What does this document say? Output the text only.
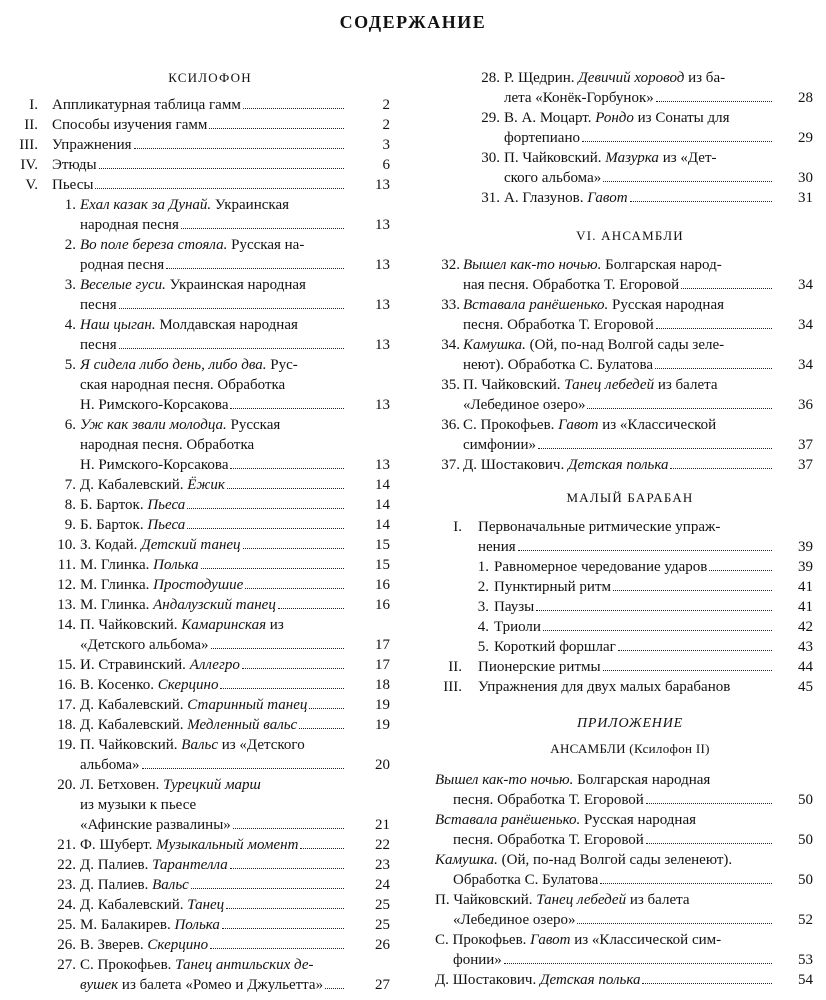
СОДЕРЖАНИЕ
КСИЛОФОН
I. Аппликатурная таблица гамм	2
II. Способы изучения гамм	2
III. Упражнения	3
IV. Этюды	6
V. Пьесы	13
1. Ехал казак за Дунай. Украинская
народная песня	13
2. Во поле береза стояла. Русская на-
родная песня	13
3. Веселые гуси. Украинская народная
песня	13
4. Наш цыган. Молдавская народная
песня	13
5. Я сидела либо день, либо два. Рус-
ская народная песня. Обработка
Н. Римского-Корсакова	13
6. Уж как звали молодца. Русская
народная песня. Обработка
Н. Римского-Корсакова	13
7. Д. Кабалевский. Ёжик	14
8. Б. Барток. Пьеса	14
9. Б. Барток. Пьеса	14
10. З. Кодай. Детский танец	15
11. М. Глинка. Полька	15
12. М. Глинка. Простодушие	16
13. М. Глинка. Андалузский танец	16
14. П. Чайковский. Камаринская из
«Детского альбома»	17
15. И. Стравинский. Аллегро	17
16. В. Косенко. Скерцино	18
17. Д. Кабалевский. Старинный танец	19
18. Д. Кабалевский. Медленный вальс	19
19. П. Чайковский. Вальс из «Детского
альбома»	20
20. Л. Бетховен. Турецкий марш
из музыки к пьесе
«Афинские развалины»	21
21. Ф. Шуберт. Музыкальный момент	22
22. Д. Палиев. Тарантелла	23
23. Д. Палиев. Вальс	24
24. Д. Кабалевский. Танец	25
25. М. Балакирев. Полька	25
26. В. Зверев. Скерцино	26
27. С. Прокофьев. Танец антильских де-
вушек из балета «Ромео и Джульетта»	27
28. Р. Щедрин. Девичий хоровод из ба-
лета «Конёк-Горбунок»	28
29. В. А. Моцарт. Рондо из Сонаты для
фортепиано	29
30. П. Чайковский. Мазурка из «Дет-
ского альбома»	30
31. А. Глазунов. Гавот	31
VI. АНСАМБЛИ
32. Вышел как-то ночью. Болгарская народ-
ная песня. Обработка Т. Егоровой	34
33. Вставала ранёшенько. Русская народная
песня. Обработка Т. Егоровой	34
34. Камушка. (Ой, по-над Волгой сады зеле-
неют). Обработка С. Булатова	34
35. П. Чайковский. Танец лебедей из балета
«Лебединое озеро»	36
36. С. Прокофьев. Гавот из «Классической
симфонии»	37
37. Д. Шостакович. Детская полька	37
МАЛЫЙ БАРАБАН
I. Первоначальные ритмические упраж-
нения	39
1. Равномерное чередование ударов	39
2. Пунктирный ритм	41
3. Паузы	41
4. Триоли	42
5. Короткий форшлаг	43
II. Пионерские ритмы	44
III. Упражнения для двух малых барабанов	45
ПРИЛОЖЕНИЕ
АНСАМБЛИ (Ксилофон II)
Вышел как-то ночью. Болгарская народная
песня. Обработка Т. Егоровой	50
Вставала ранёшенько. Русская народная
песня. Обработка Т. Егоровой	50
Камушка. (Ой, по-над Волгой сады зеленеют).
Обработка С. Булатова	50
П. Чайковский. Танец лебедей из балета
«Лебединое озеро»	52
С. Прокофьев. Гавот из «Классической сим-
фонии»	53
Д. Шостакович. Детская полька	54
